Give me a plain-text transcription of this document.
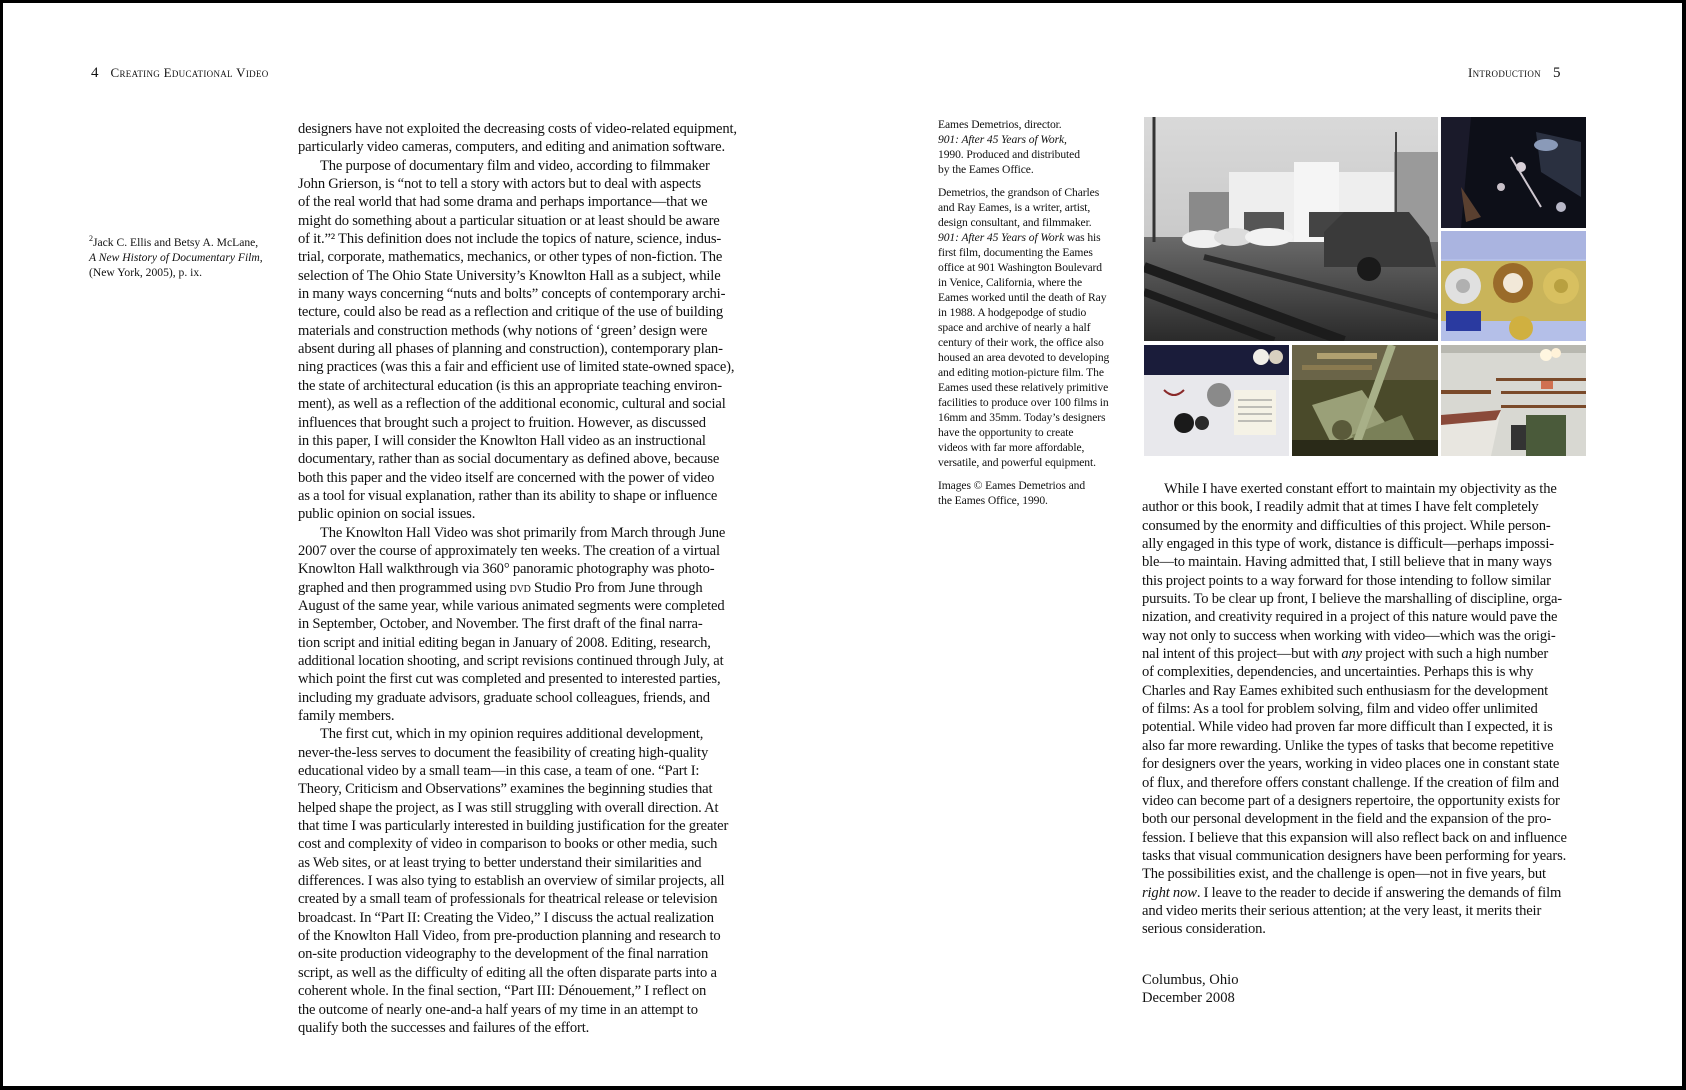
4 Creating Educational Video
$^2$Jack C. Ellis and Betsy A. McLane,
A New History of Documentary Film,
(New York, 2005), p. ix.
designers have not exploited the decreasing costs of video-related equipment,
particularly video cameras, computers, and editing and animation software.
The purpose of documentary film and video, according to filmmaker
John Grierson, is “not to tell a story with actors but to deal with aspects
of the real world that had some drama and perhaps importance—that we
might do something about a particular situation or at least should be aware
of it.”² This definition does not include the topics of nature, science, indus-
trial, corporate, mathematics, mechanics, or other types of non-fiction. The
selection of The Ohio State University’s Knowlton Hall as a subject, while
in many ways concerning “nuts and bolts” concepts of contemporary archi-
tecture, could also be read as a reflection and critique of the use of building
materials and construction methods (why notions of ‘green’ design were
absent during all phases of planning and construction), contemporary plan-
ning practices (was this a fair and efficient use of limited state-owned space),
the state of architectural education (is this an appropriate teaching environ-
ment), as well as a reflection of the additional economic, cultural and social
influences that brought such a project to fruition. However, as discussed
in this paper, I will consider the Knowlton Hall video as an instructional
documentary, rather than as social documentary as defined above, because
both this paper and the video itself are concerned with the power of video
as a tool for visual explanation, rather than its ability to shape or influence
public opinion on social issues.
The Knowlton Hall Video was shot primarily from March through June
2007 over the course of approximately ten weeks. The creation of a virtual
Knowlton Hall walkthrough via 360° panoramic photography was photo-
graphed and then programmed using dvd Studio Pro from June through
August of the same year, while various animated segments were completed
in September, October, and November. The first draft of the final narra-
tion script and initial editing began in January of 2008. Editing, research,
additional location shooting, and script revisions continued through July, at
which point the first cut was completed and presented to interested parties,
including my graduate advisors, graduate school colleagues, friends, and
family members.
The first cut, which in my opinion requires additional development,
never-the-less serves to document the feasibility of creating high-quality
educational video by a small team—in this case, a team of one. “Part I:
Theory, Criticism and Observations” examines the beginning studies that
helped shape the project, as I was still struggling with overall direction. At
that time I was particularly interested in building justification for the greater
cost and complexity of video in comparison to books or other media, such
as Web sites, or at least trying to better understand their similarities and
differences. I was also tying to establish an overview of similar projects, all
created by a small team of professionals for theatrical release or television
broadcast. In “Part II: Creating the Video,” I discuss the actual realization
of the Knowlton Hall Video, from pre-production planning and research to
on-site production videography to the development of the final narration
script, as well as the difficulty of editing all the often disparate parts into a
coherent whole. In the final section, “Part III: Dénouement,” I reflect on
the outcome of nearly one-and-a half years of my time in an attempt to
qualify both the successes and failures of the effort.
Introduction 5
Eames Demetrios, director.
901: After 45 Years of Work,
1990. Produced and distributed
by the Eames Office.
Demetrios, the grandson of Charles
and Ray Eames, is a writer, artist,
design consultant, and filmmaker.
901: After 45 Years of Work was his
first film, documenting the Eames
office at 901 Washington Boulevard
in Venice, California, where the
Eames worked until the death of Ray
in 1988. A hodgepodge of studio
space and archive of nearly a half
century of their work, the office also
housed an area devoted to developing
and editing motion-picture film. The
Eames used these relatively primitive
facilities to produce over 100 films in
16mm and 35mm. Today’s designers
have the opportunity to create
videos with far more affordable,
versatile, and powerful equipment.
Images © Eames Demetrios and
the Eames Office, 1990.
While I have exerted constant effort to maintain my objectivity as the
author or this book, I readily admit that at times I have felt completely
consumed by the enormity and difficulties of this project. While person-
ally engaged in this type of work, distance is difficult—perhaps impossi-
ble—to maintain. Having admitted that, I still believe that in many ways
this project points to a way forward for those intending to follow similar
pursuits. To be clear up front, I believe the marshalling of discipline, orga-
nization, and creativity required in a project of this nature would pave the
way not only to success when working with video—which was the origi-
nal intent of this project—but with any project with such a high number
of complexities, dependencies, and uncertainties. Perhaps this is why
Charles and Ray Eames exhibited such enthusiasm for the development
of films: As a tool for problem solving, film and video offer unlimited
potential. While video had proven far more difficult than I expected, it is
also far more rewarding. Unlike the types of tasks that become repetitive
for designers over the years, working in video places one in constant state
of flux, and therefore offers constant challenge. If the creation of film and
video can become part of a designers repertoire, the opportunity exists for
both our personal development in the field and the expansion of the pro-
fession. I believe that this expansion will also reflect back on and influence
tasks that visual communication designers have been performing for years.
The possibilities exist, and the challenge is open—not in five years, but
right now. I leave to the reader to decide if answering the demands of film
and video merits their serious attention; at the very least, it merits their
serious consideration.
Columbus, Ohio
December 2008
